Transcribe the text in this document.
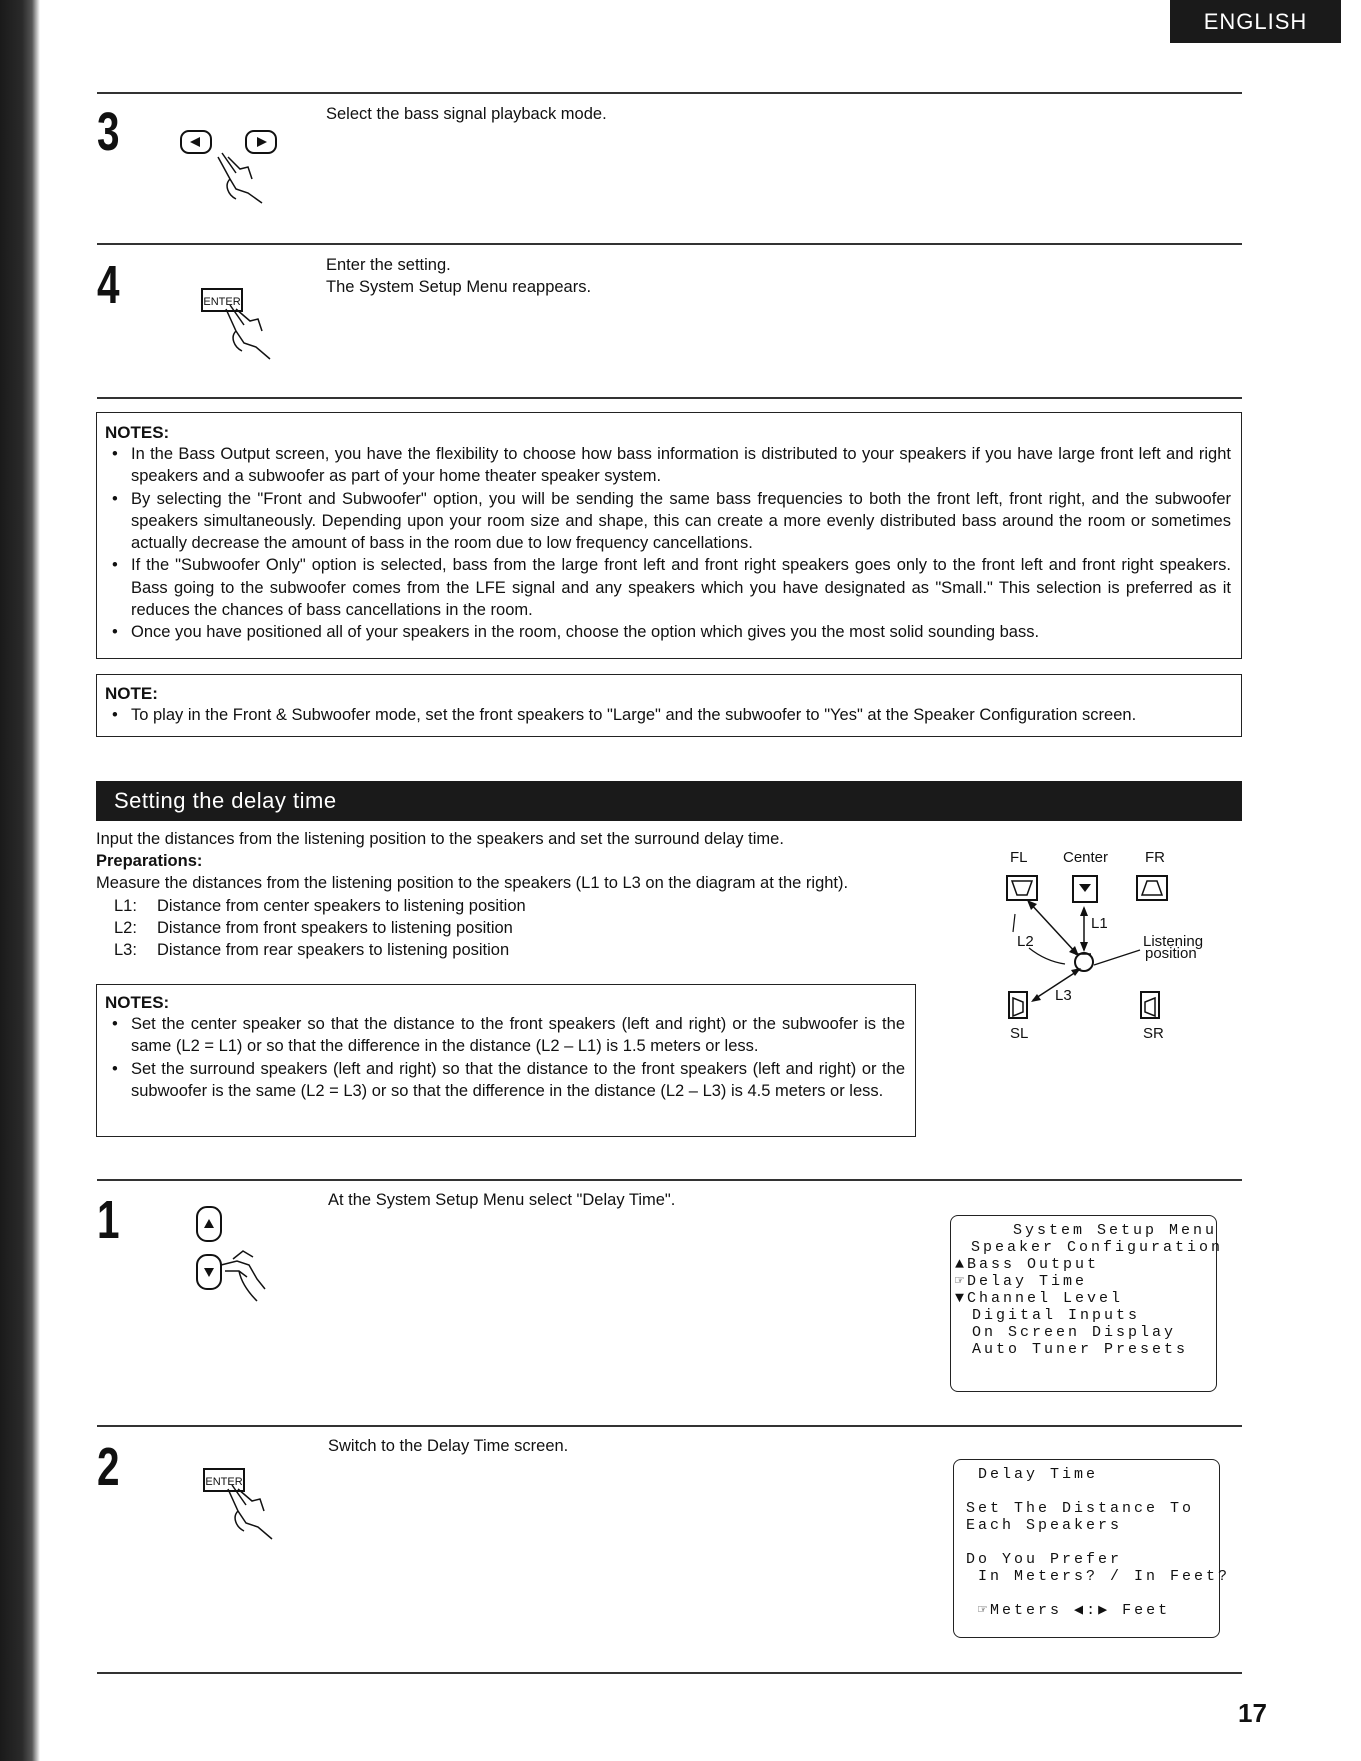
ENGLISH
3	Select the bass signal playback mode.
4	ENTER
Enter the setting.
The System Setup Menu reappears.
NOTES:
• In the Bass Output screen, you have the flexibility to choose how bass information is distributed to your speakers if you have large front left and right speakers and a subwoofer as part of your home theater speaker system.
• By selecting the "Front and Subwoofer" option, you will be sending the same bass frequencies to both the front left, front right, and the subwoofer speakers simultaneously. Depending upon your room size and shape, this can create a more evenly distributed bass around the room or sometimes actually decrease the amount of bass in the room due to low frequency cancellations.
• If the "Subwoofer Only" option is selected, bass from the large front left and front right speakers goes only to the front left and front right speakers. Bass going to the subwoofer comes from the LFE signal and any speakers which you have designated as "Small." This selection is preferred as it reduces the chances of bass cancellations in the room.
• Once you have positioned all of your speakers in the room, choose the option which gives you the most solid sounding bass.
NOTE:
• To play in the Front & Subwoofer mode, set the front speakers to "Large" and the subwoofer to "Yes" at the Speaker Configuration screen.
Setting the delay time
Input the distances from the listening position to the speakers and set the surround delay time.
Preparations:
Measure the distances from the listening position to the speakers (L1 to L3 on the diagram at the right).
L1: Distance from center speakers to listening position
L2: Distance from front speakers to listening position
L3: Distance from rear speakers to listening position
FL Center FR
L1
L2
L3
Listening
position
SL	SR
NOTES:
• Set the center speaker so that the distance to the front speakers (left and right) or the subwoofer is the same (L2 = L1) or so that the difference in the distance (L2 – L1) is 1.5 meters or less.
• Set the surround speakers (left and right) so that the distance to the front speakers (left and right) or the subwoofer is the same (L2 = L3) or so that the difference in the distance (L2 – L3) is 4.5 meters or less.
1	At the System Setup Menu select "Delay Time".
System Setup Menu
Speaker Configuration
▲Bass Output
☞Delay Time
▼Channel Level
Digital Inputs
On Screen Display
Auto Tuner Presets
2	ENTER
Switch to the Delay Time screen.
Delay Time
Set The Distance To
Each Speakers
Do You Prefer
In Meters? / In Feet?
☞Meters ◀:▶ Feet
17
